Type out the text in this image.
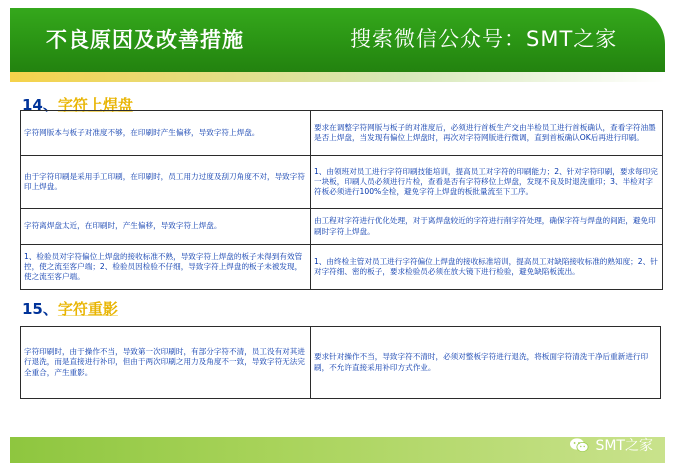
不良原因及改善措施	搜索微信公众号：SMT之家
14、字符上焊盘
字符网版本与板子对准度不够，在印刷时产生偏移，导致字符上焊盘。	要求在调整字符网版与板子的对准度后，必须进行首板生产交由半检员工进行首板确认，查看字符油墨是否上焊盘，当发现有偏位上焊盘时，再次对字符网版进行微调，直到首板确认OK后再进行印刷。
由于字符印刷是采用手工印刷，在印刷时，员工用力过度及刮刀角度不对，导致字符印上焊盘。	1、由领班对员工进行字符印刷技能培训，提高员工对字符的印刷能力；2、针对字符印刷，要求每印完一块板，印刷人员必须进行片检，查看是否有字符移位上焊盘，发现不良及时退洗重印；3、半检对字符板必须进行100%全检，避免字符上焊盘的板批量流至下工序。
字符离焊盘太近，在印刷时，产生偏移，导致字符上焊盘。	由工程对字符进行优化处理，对于离焊盘较近的字符进行削字符处理，确保字符与焊盘的间距，避免印刷时字符上焊盘。
1、检验员对字符偏位上焊盘的接收标准不熟，导致字符上焊盘的板子未得到有效管控，使之流至客户端；2、检验员因检验不仔细，导致字符上焊盘的板子未被发现，使之流至客户端。	1、由终检主管对员工进行字符偏位上焊盘的接收标准培训，提高员工对缺陷接收标准的熟知度；2、针对字符细、密的板子，要求检验员必须在放大镜下进行检验，避免缺陷板流出。
15、字符重影
字符印刷时，由于操作不当，导致第一次印刷时，有部分字符不清，员工没有对其进行退洗，而是直接进行补印，但由于两次印刷之用力及角度不一致，导致字符无法完全重合，产生重影。	要求针对操作不当，导致字符不清时，必须对整板字符进行退洗，将板面字符清洗干净后重新进行印刷，不允许直接采用补印方式作业。
SMT之家
